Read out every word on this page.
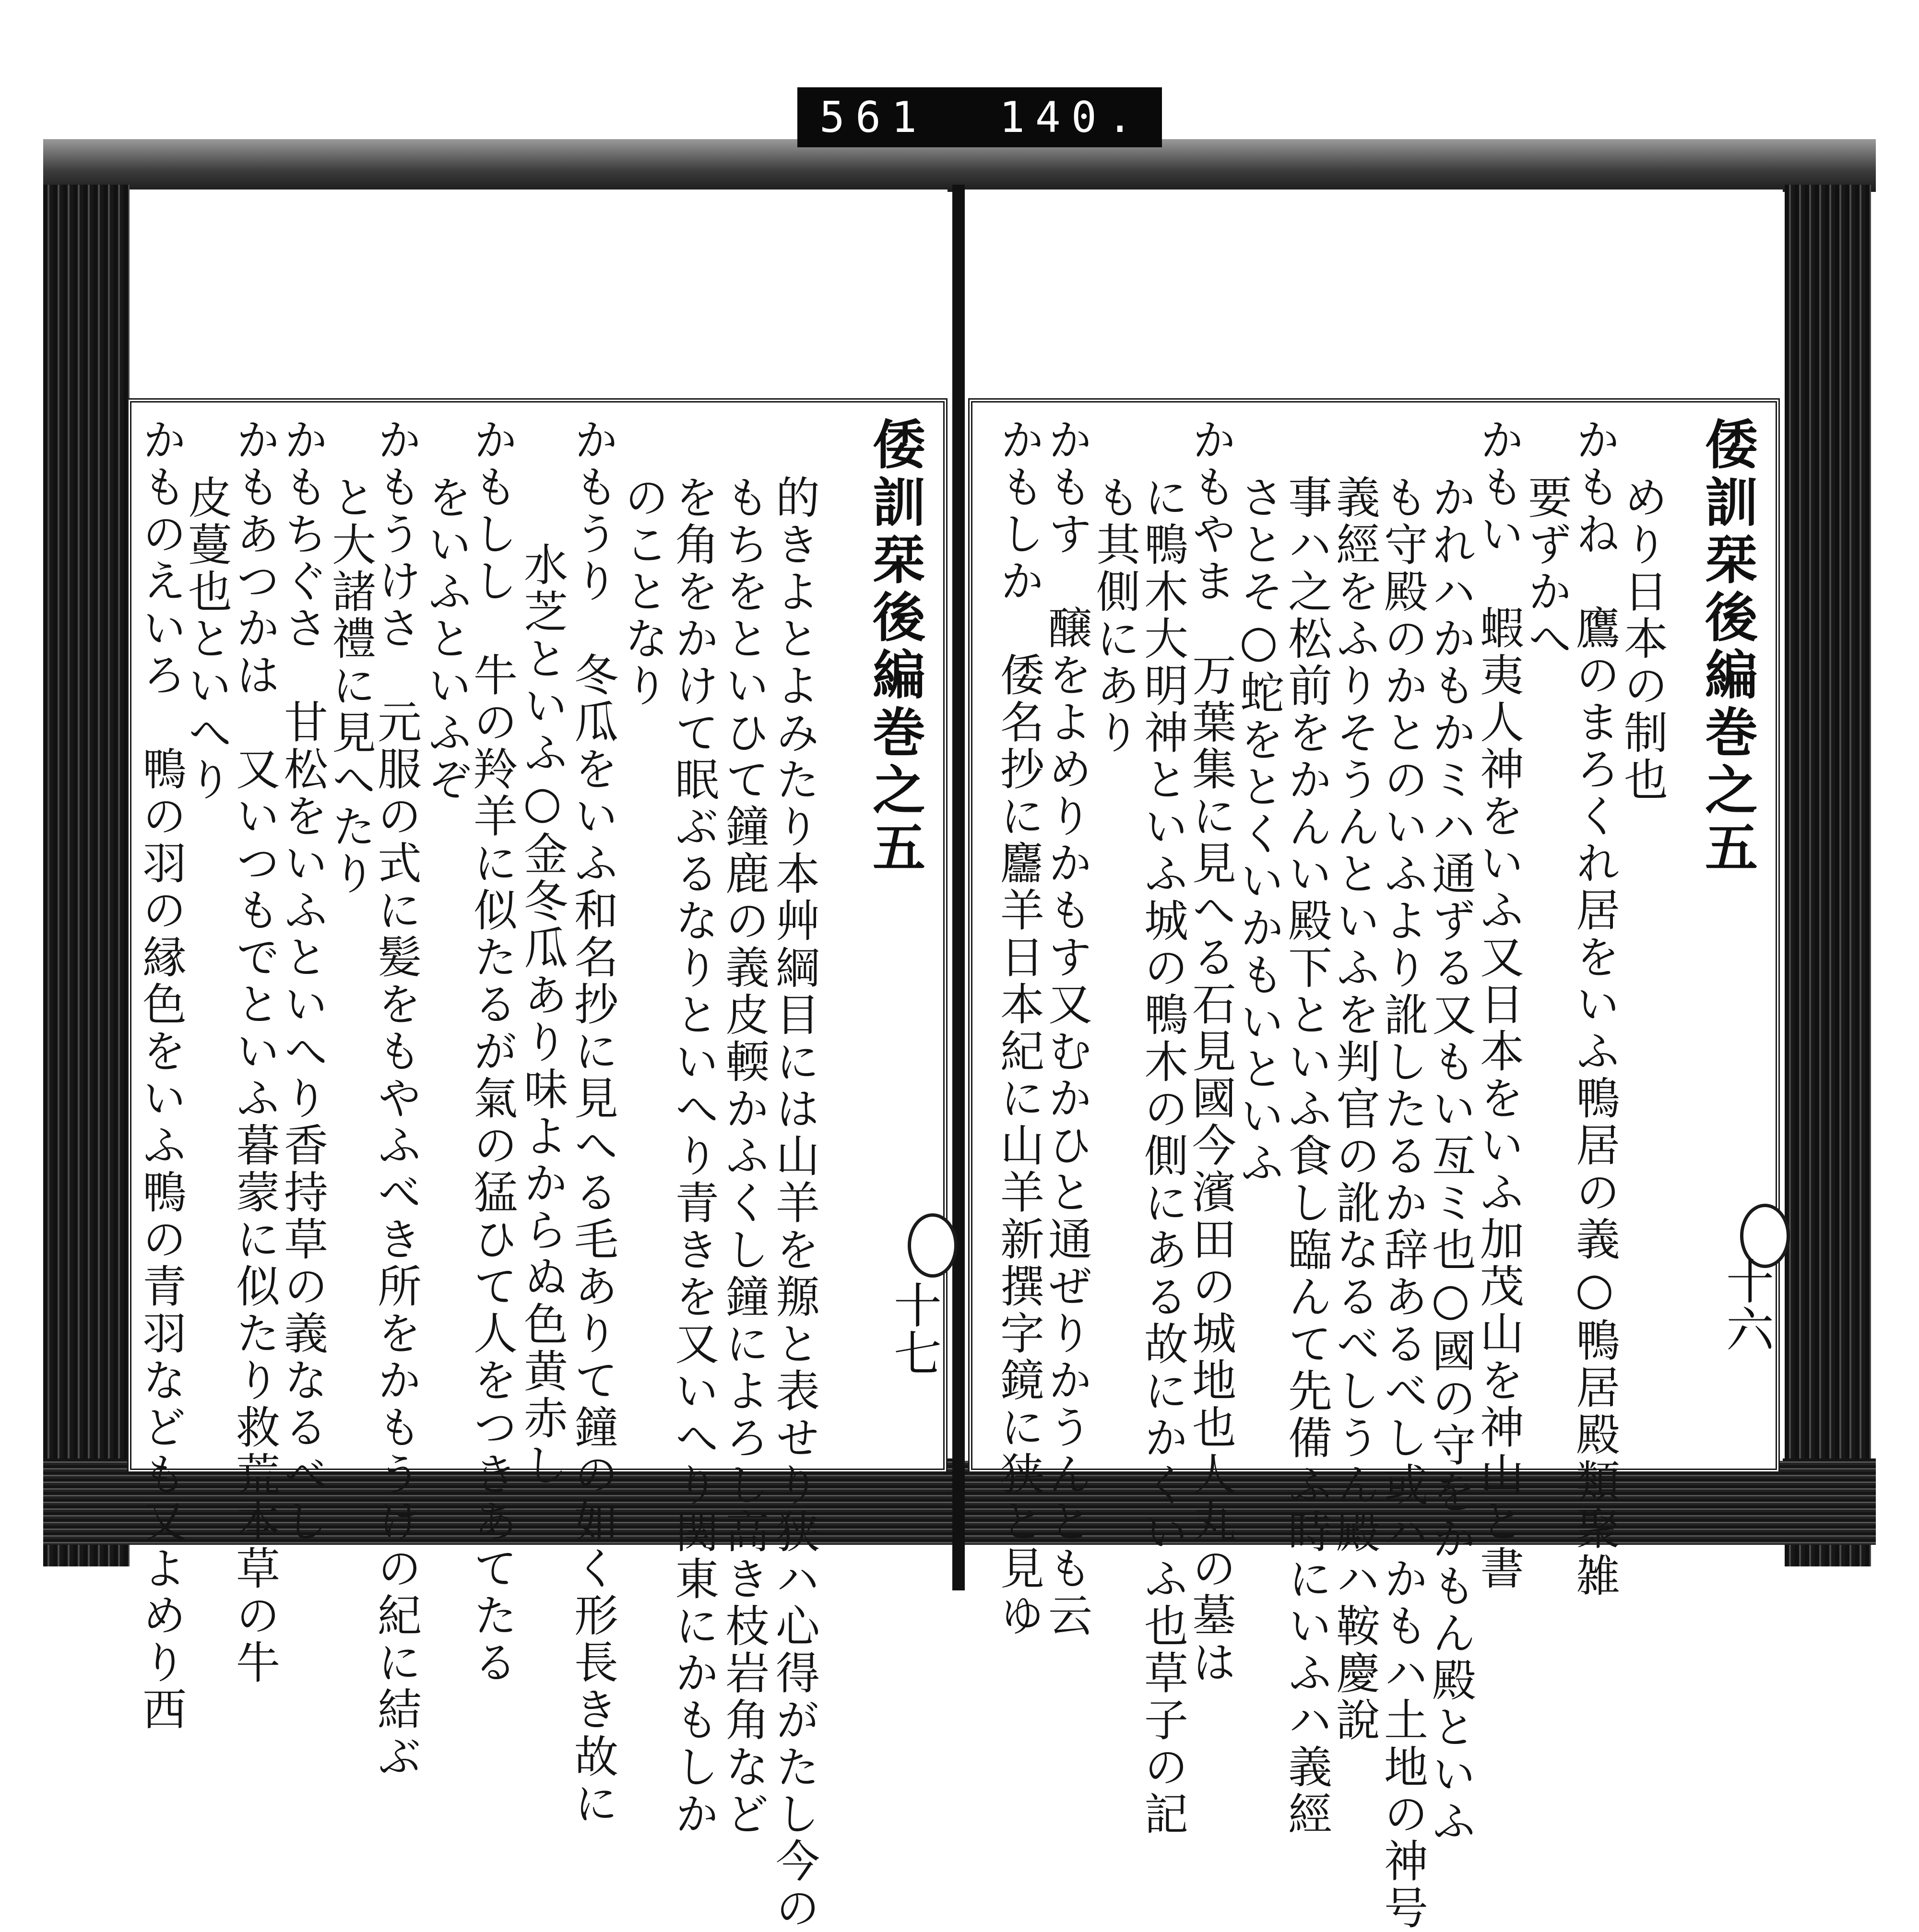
561 140.
倭訓栞後編巻之五
十七
的きよとよみたり本艸綱目には山羊を羱と表せり狭ハ心得がたし今の
もちをといひて鐘鹿の義皮輭かふくし鐘によろし高き枝岩角など
を角をかけて眠ぶるなりといへり青きを又いへり関東にかもしか
のことなり
かもうり　冬瓜をいふ和名抄に見へる毛ありて鐘の如く形長き故に
水芝といふ○金冬瓜あり味よからぬ色黄赤し
かもしし　牛の羚羊に似たるが氣の猛ひて人をつきあてたる
をいふといふぞ
かもうけさ　元服の式に髪をもやふべき所をかもうけの紀に結ぶ
と大諸禮に見へたり
かもちぐさ　甘松をいふといへり香持草の義なるべし
かもあつかは　又いつもでといふ暮蒙に似たり救荒本草の牛
皮蔓也といへり
かものえいろ　鴨の羽の縁色をいふ鴨の青羽なども又よめり西	倭訓栞後編巻之五
十六
めり日本の制也
かもね　鷹のまろくれ居をいふ鴨居の義○鴨居殿類聚雑
要ずかへ
かもい　蝦夷人神をいふ又日本をいふ加茂山を神山と書
かれハかもかミハ通ずる又もい亙ミ也○國の守をかもん殿といふ
も守殿のかとのいふより訛したるか辞あるべし或ハかもハ土地の神号
義經をふりそうんといふを判官の訛なるべしうん殿ハ鞍慶說
事ハ之松前をかんい殿下といふ食し臨んて先備ふ時にいふハ義經
さとそ○蛇をとくいかもいといふ
かもやま　万葉集に見へる石見國今濱田の城地也人丸の墓は
に鴨木大明神といふ城の鴨木の側にある故にかくいふ也草子の記
も其側にあり
かもす　醸をよめりかもす又むかひと通ぜりかうんとも云
かもしか　倭名抄に麢羊日本紀に山羊新撰字鏡に狭と見ゆ
